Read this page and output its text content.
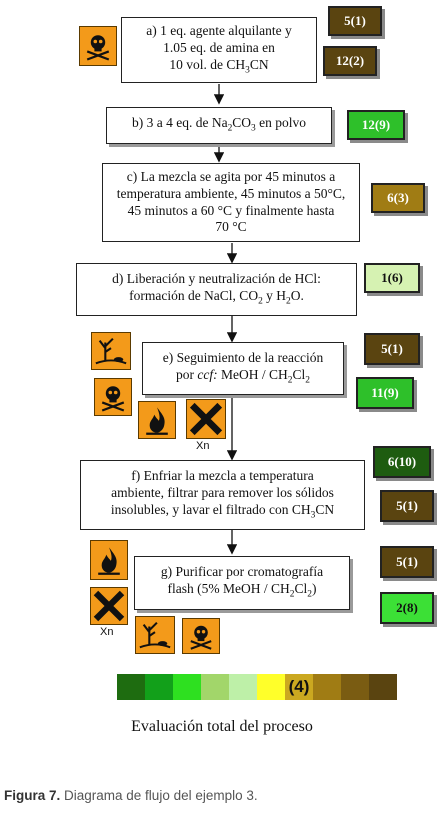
a) 1 eq. agente alquilante y
1.05 eq. de amina en
10 vol. de $CH_3CN$
b) 3 a 4 eq. de $Na_2CO_3$ en polvo
c) La mezcla se agita por 45 minutos a
temperatura ambiente, 45 minutos a 50°C,
45 minutos a 60 °C y finalmente hasta
70 °C
d) Liberación y neutralización de HCl:
formación de NaCl, $CO_2$ y $H_2O$.
e) Seguimiento de la reacción
por ccf: MeOH / $CH_2Cl_2$
f) Enfriar la mezcla a temperatura
ambiente, filtrar para remover los sólidos
insolubles, y lavar el filtrado con $CH_3CN$
g) Purificar por cromatografía
flash (5% MeOH / $CH_2Cl_2$)
5(1)
12(2)
12(9)
6(3)
1(6)
5(1)
11(9)
6(10)
5(1)
5(1)
2(8)
Xn
Xn
(4)
Evaluación total del proceso
Figura 7. Diagrama de flujo del ejemplo 3.
